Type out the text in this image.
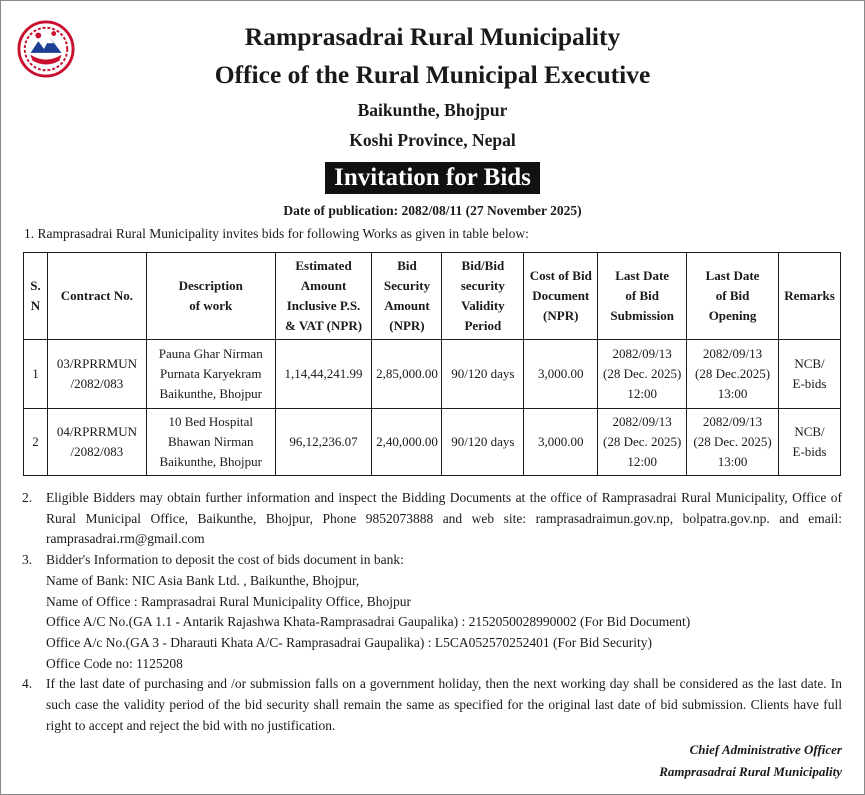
Ramprasadrai Rural Municipality
Office of the Rural Municipal Executive
Baikunthe, Bhojpur
Koshi Province, Nepal
Invitation for Bids
Date of publication: 2082/08/11 (27 November 2025)
1. Ramprasadrai Rural Municipality invites bids for following Works as given in table below:
S.
N	Contract No.	Description
of work	Estimated
Amount
Inclusive P.S.
& VAT (NPR)	Bid
Security
Amount
(NPR)	Bid/Bid
security
Validity
Period	Cost of Bid
Document
(NPR)	Last Date
of Bid
Submission	Last Date
of Bid
Opening	Remarks
1	03/RPRRMUN
/2082/083	Pauna Ghar Nirman
Purnata Karyekram
Baikunthe, Bhojpur	1,14,44,241.99	2,85,000.00	90/120 days	3,000.00	2082/09/13
(28 Dec. 2025)
12:00	2082/09/13
(28 Dec.2025)
13:00	NCB/
E-bids
2	04/RPRRMUN
/2082/083	10 Bed Hospital
Bhawan Nirman
Baikunthe, Bhojpur	96,12,236.07	2,40,000.00	90/120 days	3,000.00	2082/09/13
(28 Dec. 2025)
12:00	2082/09/13
(28 Dec. 2025)
13:00	NCB/
E-bids
2. Eligible Bidders may obtain further information and inspect the Bidding Documents at the office of Ramprasadrai Rural Municipality, Office of Rural Municipal Office, Baikunthe, Bhojpur, Phone 9852073888 and web site: ramprasadraimun.gov.np, bolpatra.gov.np. and email: ramprasadrai.rm@gmail.com
3. Bidder's Information to deposit the cost of bids document in bank:
Name of Bank: NIC Asia Bank Ltd. , Baikunthe, Bhojpur,
Name of Office : Ramprasadrai Rural Municipality Office, Bhojpur
Office A/C No.(GA 1.1 - Antarik Rajashwa Khata-Ramprasadrai Gaupalika) : 2152050028990002 (For Bid Document)
Office A/c No.(GA 3 - Dharauti Khata A/C- Ramprasadrai Gaupalika) : L5CA052570252401 (For Bid Security)
Office Code no: 1125208
4. If the last date of purchasing and /or submission falls on a government holiday, then the next working day shall be considered as the last date. In such case the validity period of the bid security shall remain the same as specified for the original last date of bid submission. Clients have full right to accept and reject the bid with no justification.
Chief Administrative Officer
Ramprasadrai Rural Municipality
